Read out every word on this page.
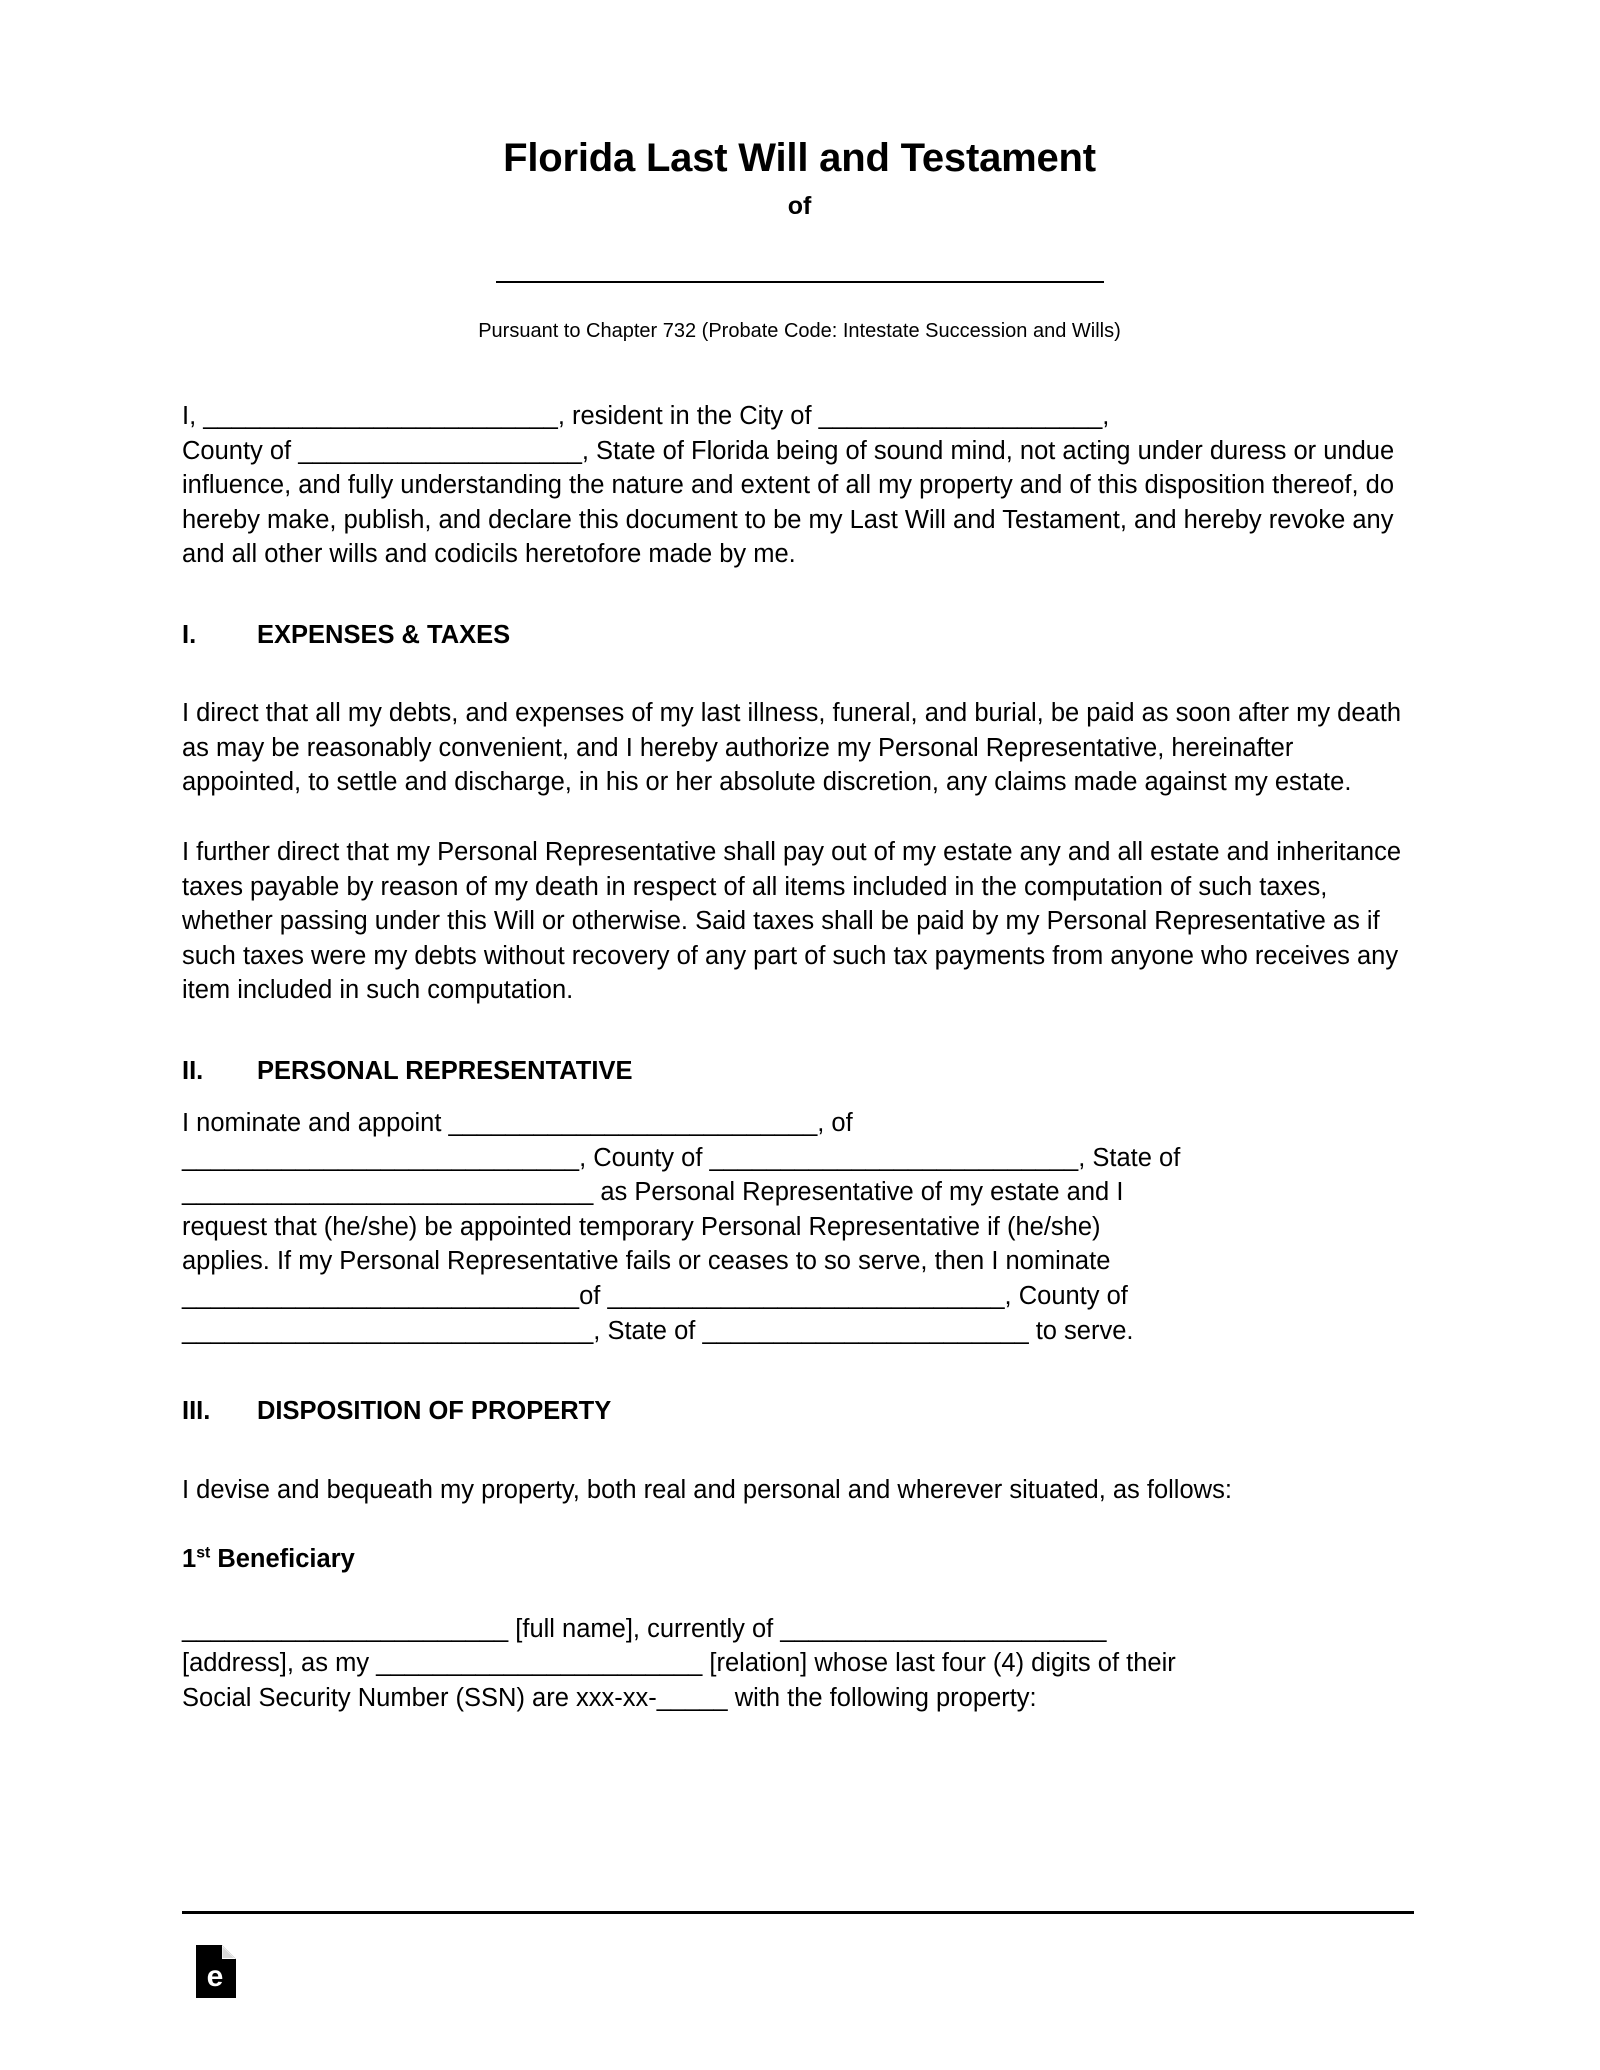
Florida Last Will and Testament
of
Pursuant to Chapter 732 (Probate Code: Intestate Succession and Wills)
I, _________________________, resident in the City of ____________________,
County of ____________________, State of Florida being of sound mind, not acting under duress or undue influence, and fully understanding the nature and extent of all my property and of this disposition thereof, do hereby make, publish, and declare this document to be my Last Will and Testament, and hereby revoke any and all other wills and codicils heretofore made by me.
I. EXPENSES & TAXES
I direct that all my debts, and expenses of my last illness, funeral, and burial, be paid as soon after my death as may be reasonably convenient, and I hereby authorize my Personal Representative, hereinafter appointed, to settle and discharge, in his or her absolute discretion, any claims made against my estate.
I further direct that my Personal Representative shall pay out of my estate any and all estate and inheritance taxes payable by reason of my death in respect of all items included in the computation of such taxes, whether passing under this Will or otherwise. Said taxes shall be paid by my Personal Representative as if such taxes were my debts without recovery of any part of such tax payments from anyone who receives any item included in such computation.
II. PERSONAL REPRESENTATIVE
I nominate and appoint __________________________, of
____________________________, County of __________________________, State of
_____________________________ as Personal Representative of my estate and I
request that (he/she) be appointed temporary Personal Representative if (he/she)
applies. If my Personal Representative fails or ceases to so serve, then I nominate
____________________________of ____________________________, County of
_____________________________, State of _______________________ to serve.
III. DISPOSITION OF PROPERTY
I devise and bequeath my property, both real and personal and wherever situated, as follows:
1st Beneficiary
_______________________ [full name], currently of _______________________
[address], as my _______________________ [relation] whose last four (4) digits of their
Social Security Number (SSN) are xxx-xx-_____ with the following property:
e
